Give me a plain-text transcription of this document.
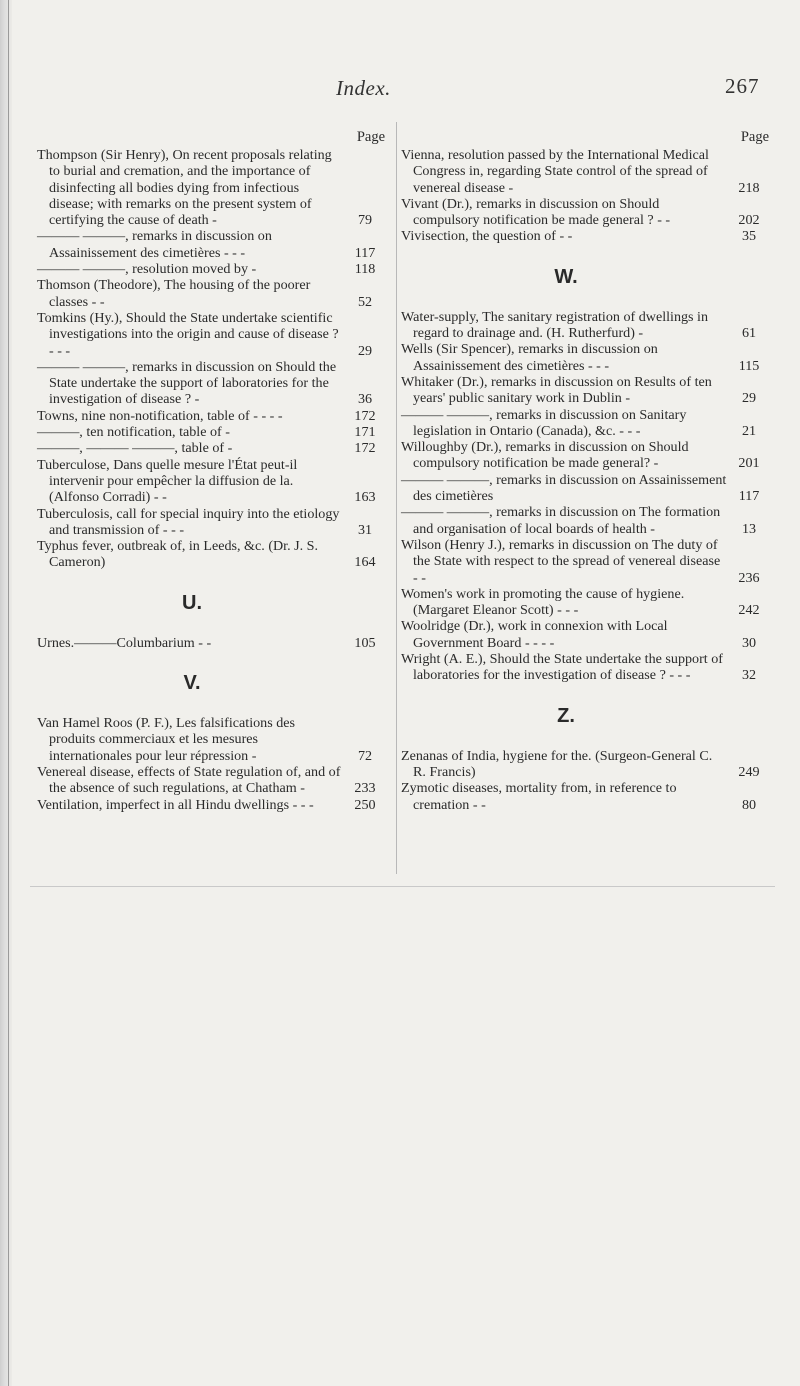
Index.	267
Page
Thompson (Sir Henry), On recent proposals relating to burial and cremation, and the importance of disinfecting all bodies dying from infectious disease; with remarks on the present system of certifying the cause of death -	79
——— ———, remarks in discussion on Assainissement des cimetières - - -	117
——— ———, resolution moved by -	118
Thomson (Theodore), The housing of the poorer classes - -	52
Tomkins (Hy.), Should the State undertake scientific investigations into the origin and cause of disease ? - - -	29
——— ———, remarks in discussion on Should the State undertake the support of laboratories for the investigation of disease ? -	36
Towns, nine non-notification, table of - - - -	172
———, ten notification, table of -	171
———, ——— ———, table of -	172
Tuberculose, Dans quelle mesure l'État peut-il intervenir pour empêcher la diffusion de la. (Alfonso Corradi) - -	163
Tuberculosis, call for special inquiry into the etiology and transmission of - - -	31
Typhus fever, outbreak of, in Leeds, &c. (Dr. J. S. Cameron)	164
U.
Urnes.———Columbarium - -	105
V.
Van Hamel Roos (P. F.), Les falsifications des produits commerciaux et les mesures internationales pour leur répression -	72
Venereal disease, effects of State regulation of, and of the absence of such regulations, at Chatham -	233
Ventilation, imperfect in all Hindu dwellings - - -	250
Page
Vienna, resolution passed by the International Medical Congress in, regarding State control of the spread of venereal disease -	218
Vivant (Dr.), remarks in discussion on Should compulsory notification be made general ? - -	202
Vivisection, the question of - -	35
W.
Water-supply, The sanitary registration of dwellings in regard to drainage and. (H. Rutherfurd) -	61
Wells (Sir Spencer), remarks in discussion on Assainissement des cimetières - - -	115
Whitaker (Dr.), remarks in discussion on Results of ten years' public sanitary work in Dublin -	29
——— ———, remarks in discussion on Sanitary legislation in Ontario (Canada), &c. - - -	21
Willoughby (Dr.), remarks in discussion on Should compulsory notification be made general? -	201
——— ———, remarks in discussion on Assainissement des cimetières	117
——— ———, remarks in discussion on The formation and organisation of local boards of health -	13
Wilson (Henry J.), remarks in discussion on The duty of the State with respect to the spread of venereal disease - -	236
Women's work in promoting the cause of hygiene. (Margaret Eleanor Scott) - - -	242
Woolridge (Dr.), work in connexion with Local Government Board - - - -	30
Wright (A. E.), Should the State undertake the support of laboratories for the investigation of disease ? - - -	32
Z.
Zenanas of India, hygiene for the. (Surgeon-General C. R. Francis)	249
Zymotic diseases, mortality from, in reference to cremation - -	80
